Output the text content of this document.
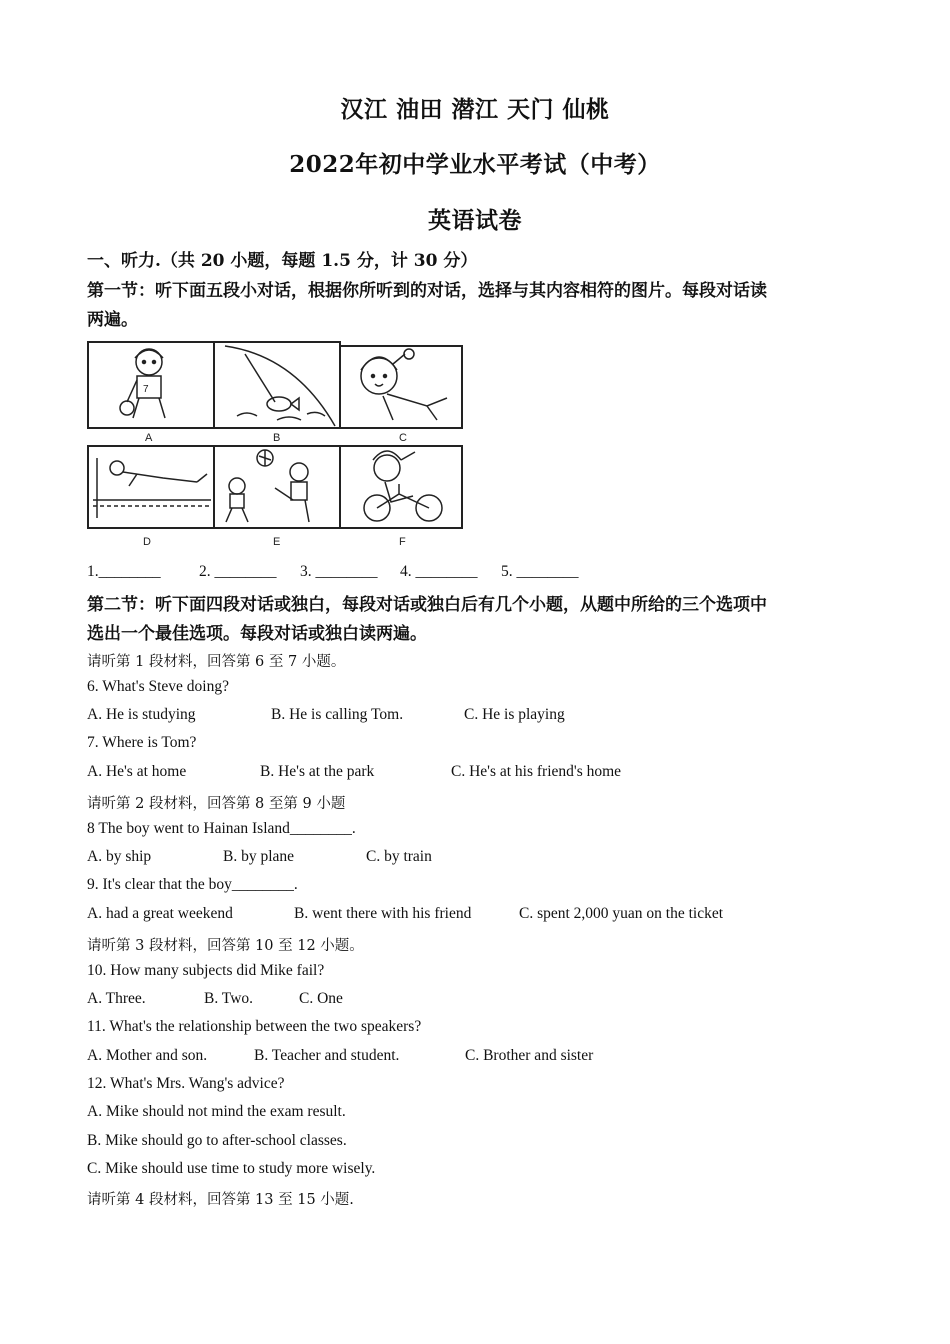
汉江 油田 潜江 天门 仙桃
2022年初中学业水平考试（中考）
英语试卷
一、听力.（共 20 小题，每题 1.5 分，计 30 分）
第一节：听下面五段小对话，根据你所听到的对话，选择与其内容相符的图片。每段对话读
两遍。
7
A	B	C
D	E	F
1.________ 2. ________ 3. ________ 4. ________ 5. ________
第二节：听下面四段对话或独白，每段对话或独白后有几个小题，从题中所给的三个选项中
选出一个最佳选项。每段对话或独白读两遍。
请听第 1 段材料，回答第 6 至 7 小题。
6. What's Steve doing?
A. He is studying	B. He is calling Tom.	C. He is playing
7. Where is Tom?
A. He's at home	B. He's at the park	C. He's at his friend's home
请听第 2 段材料，回答第 8 至第 9 小题
8 The boy went to Hainan Island________.
A. by ship	B. by plane	C. by train
9. It's clear that the boy________.
A. had a great weekend	B. went there with his friend	C. spent 2,000 yuan on the ticket
请听第 3 段材料，回答第 10 至 12 小题。
10. How many subjects did Mike fail?
A. Three.	B. Two.	C. One
11. What's the relationship between the two speakers?
A. Mother and son.	B. Teacher and student.	C. Brother and sister
12. What's Mrs. Wang's advice?
A. Mike should not mind the exam result.
B. Mike should go to after-school classes.
C. Mike should use time to study more wisely.
请听第 4 段材料，回答第 13 至 15 小题.
